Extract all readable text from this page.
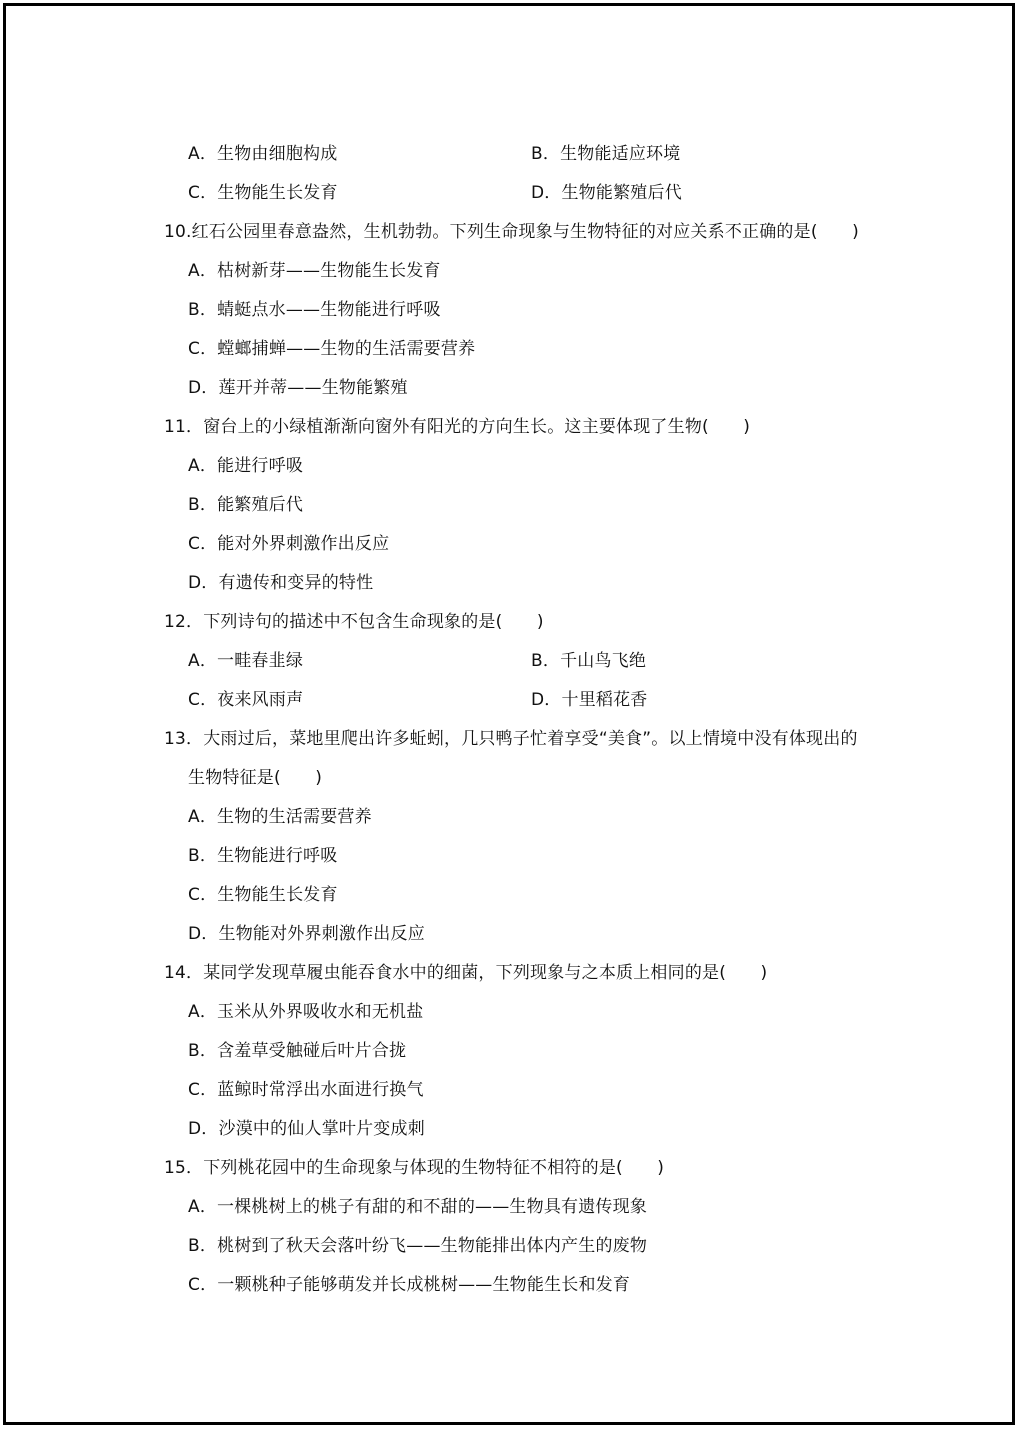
A．生物由细胞构成	B．生物能适应环境
C．生物能生长发育	D．生物能繁殖后代
10.红石公园里春意盎然，生机勃勃。下列生命现象与生物特征的对应关系不正确的是(　　)
A．枯树新芽——生物能生长发育
B．蜻蜓点水——生物能进行呼吸
C．螳螂捕蝉——生物的生活需要营养
D．莲开并蒂——生物能繁殖
11．窗台上的小绿植渐渐向窗外有阳光的方向生长。这主要体现了生物(　　)
A．能进行呼吸
B．能繁殖后代
C．能对外界刺激作出反应
D．有遗传和变异的特性
12．下列诗句的描述中不包含生命现象的是(　　)
A．一畦春韭绿	B．千山鸟飞绝
C．夜来风雨声	D．十里稻花香
13．大雨过后，菜地里爬出许多蚯蚓，几只鸭子忙着享受“美食”。以上情境中没有体现出的
生物特征是(　　)
A．生物的生活需要营养
B．生物能进行呼吸
C．生物能生长发育
D．生物能对外界刺激作出反应
14．某同学发现草履虫能吞食水中的细菌，下列现象与之本质上相同的是(　　)
A．玉米从外界吸收水和无机盐
B．含羞草受触碰后叶片合拢
C．蓝鲸时常浮出水面进行换气
D．沙漠中的仙人掌叶片变成刺
15．下列桃花园中的生命现象与体现的生物特征不相符的是(　　)
A．一棵桃树上的桃子有甜的和不甜的——生物具有遗传现象
B．桃树到了秋天会落叶纷飞——生物能排出体内产生的废物
C．一颗桃种子能够萌发并长成桃树——生物能生长和发育
